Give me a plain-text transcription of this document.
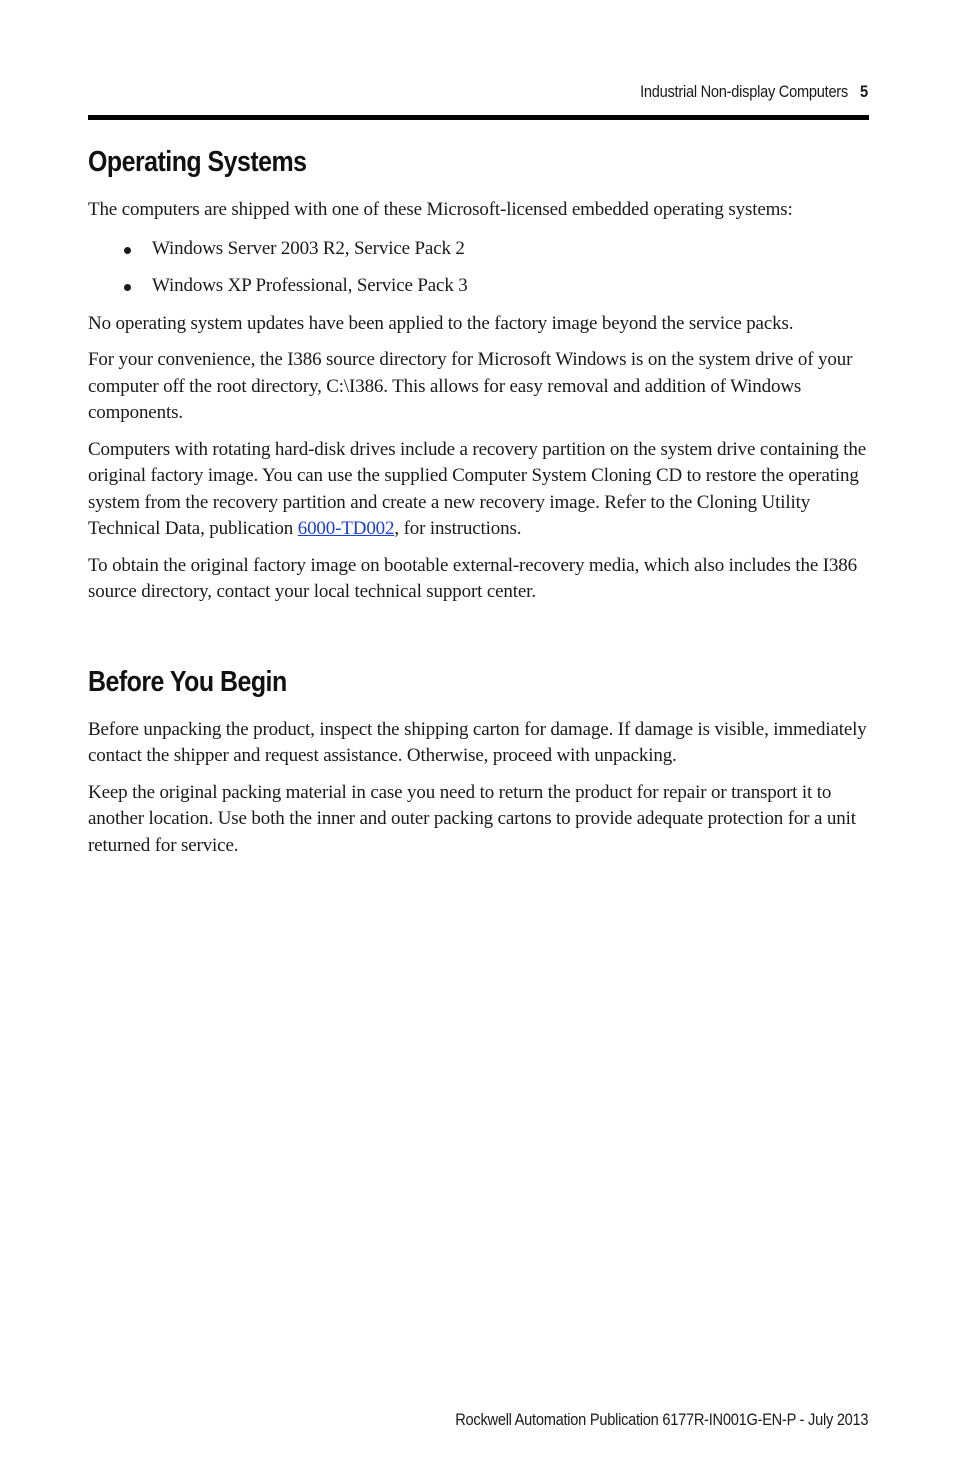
Industrial Non-display Computers 5
Operating Systems

The computers are shipped with one of these Microsoft-licensed embedded operating systems:

Windows Server 2003 R2, Service Pack 2
Windows XP Professional, Service Pack 3

No operating system updates have been applied to the factory image beyond the service packs.

For your convenience, the I386 source directory for Microsoft Windows is on the system drive of your computer off the root directory, C:\I386. This allows for easy removal and addition of Windows components.

Computers with rotating hard-disk drives include a recovery partition on the system drive containing the original factory image. You can use the supplied Computer System Cloning CD to restore the operating system from the recovery partition and create a new recovery image. Refer to the Cloning Utility Technical Data, publication 6000-TD002, for instructions.

To obtain the original factory image on bootable external-recovery media, which also includes the I386 source directory, contact your local technical support center.

Before You Begin

Before unpacking the product, inspect the shipping carton for damage. If damage is visible, immediately contact the shipper and request assistance. Otherwise, proceed with unpacking.

Keep the original packing material in case you need to return the product for repair or transport it to another location. Use both the inner and outer packing cartons to provide adequate protection for a unit returned for service.

Rockwell Automation Publication 6177R-IN001G-EN-P - July 2013
